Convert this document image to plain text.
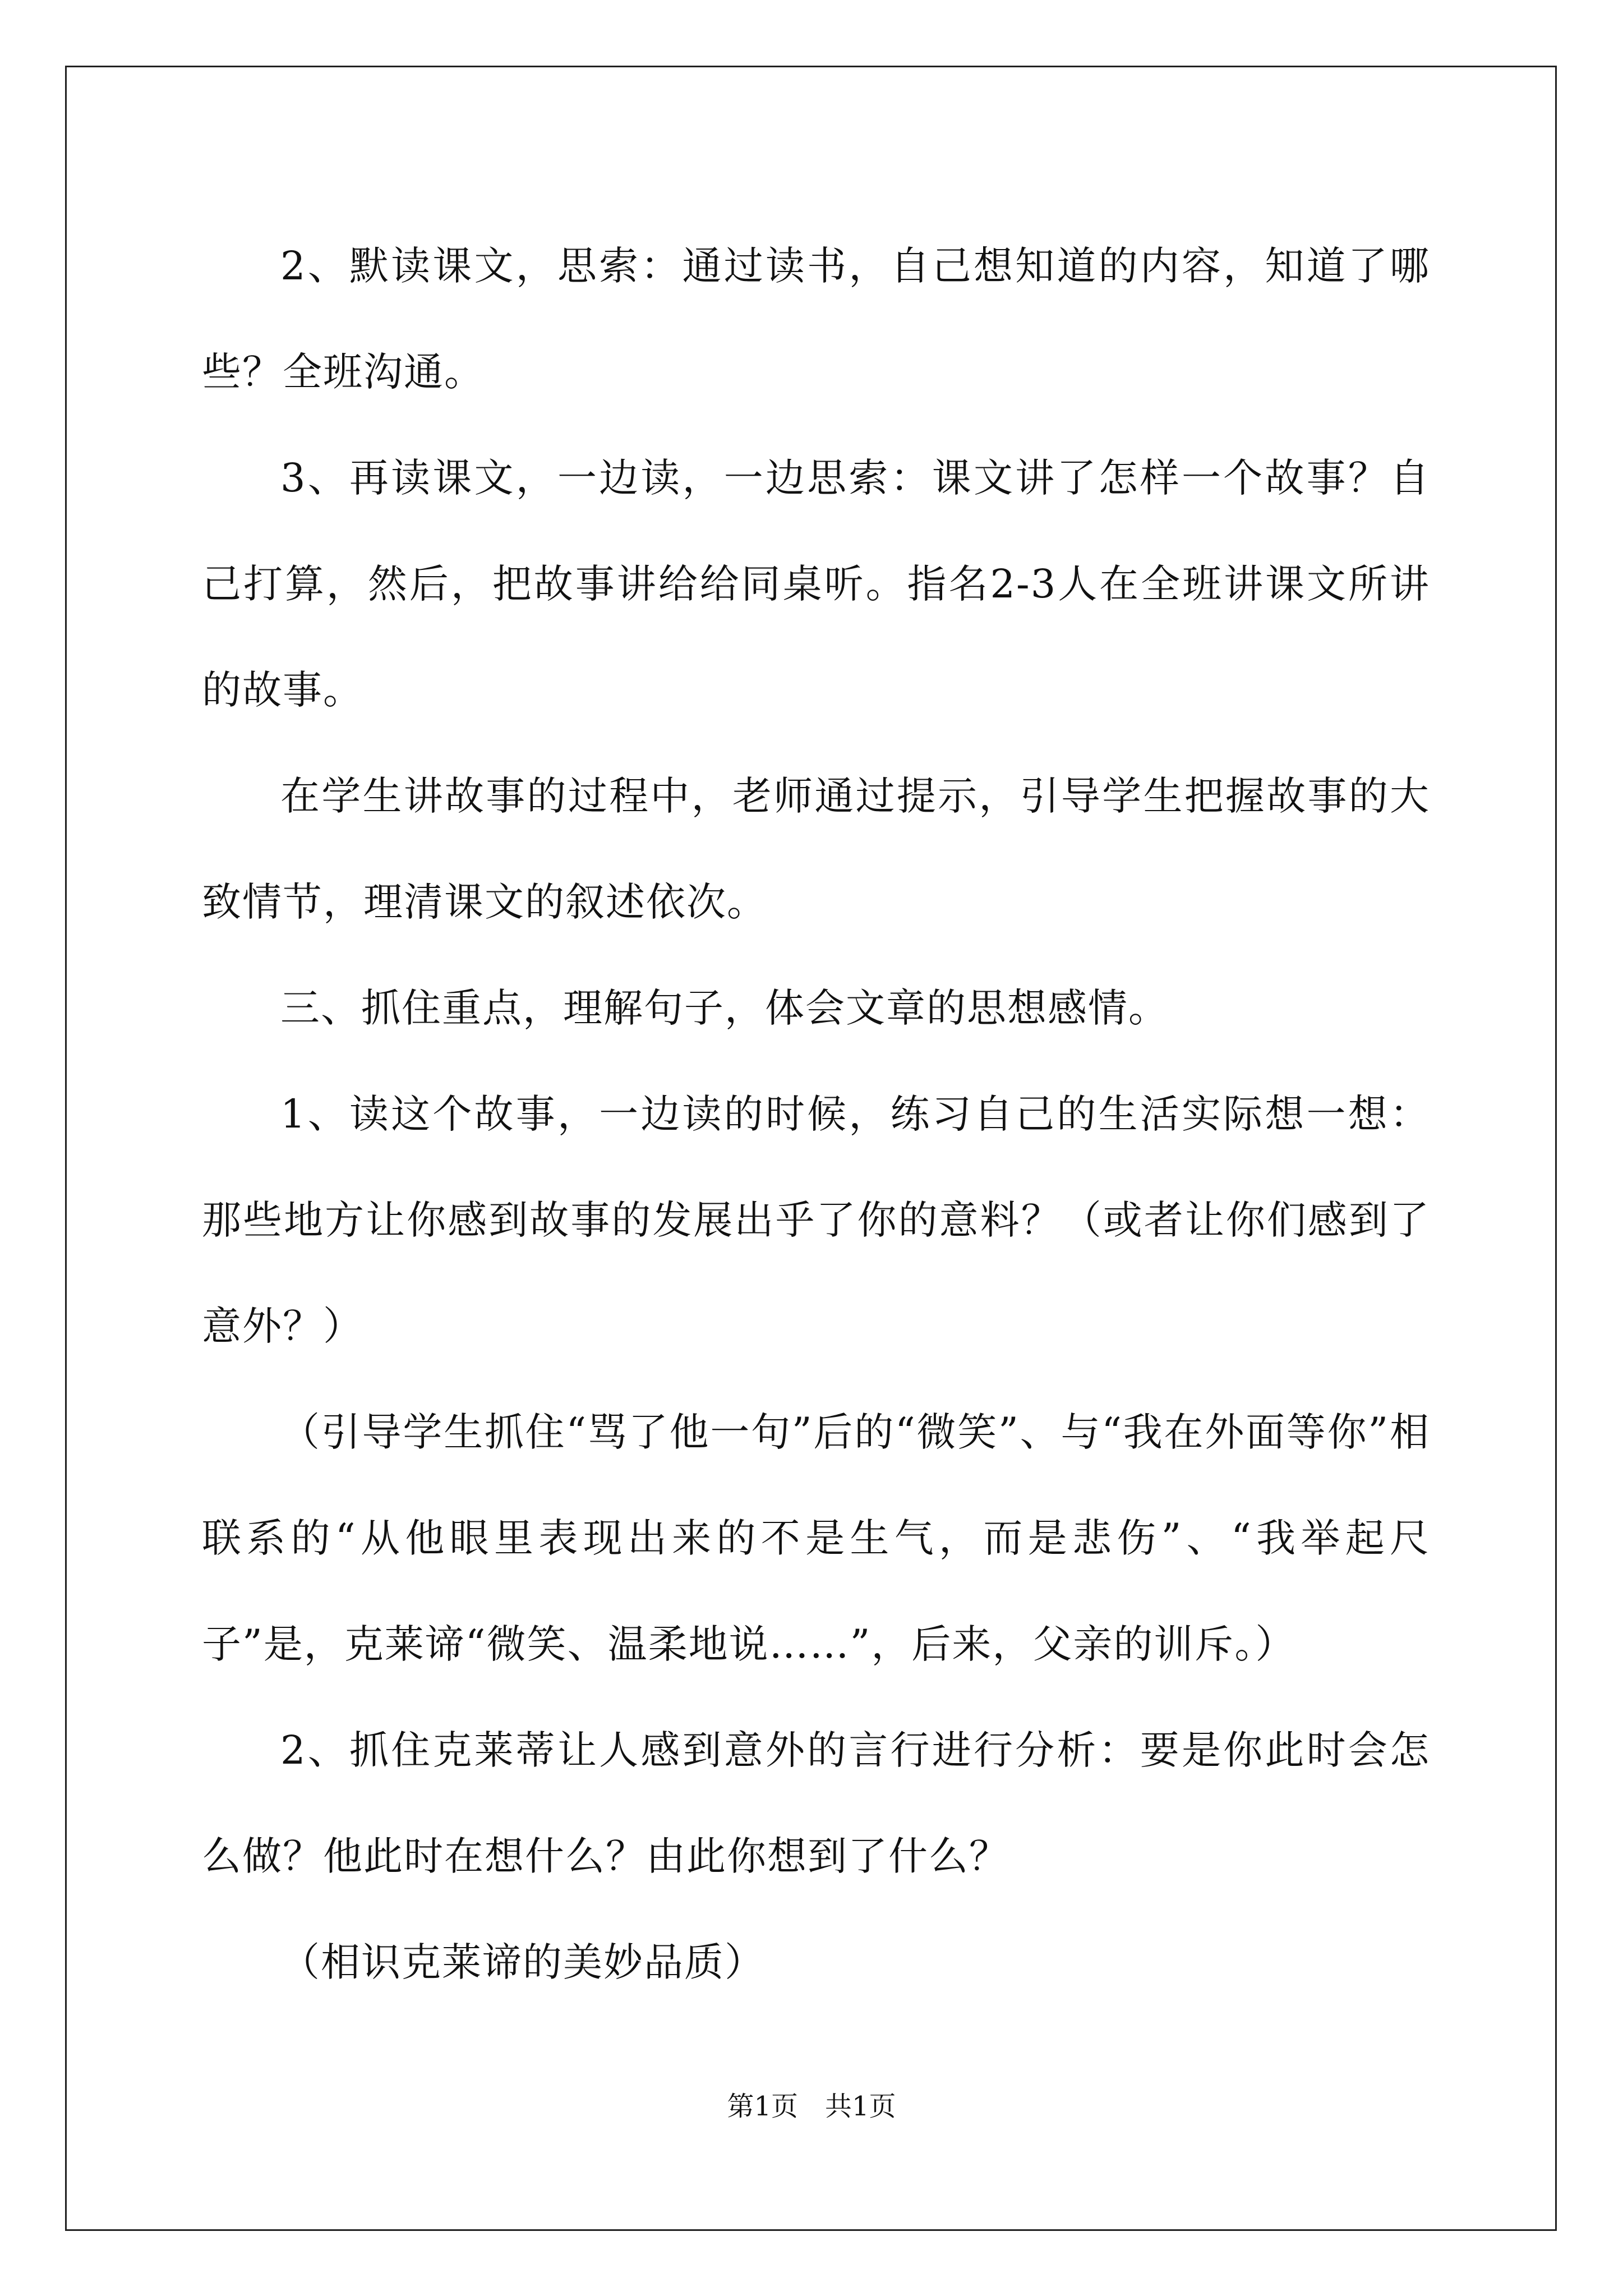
2、默读课文，思索：通过读书，自己想知道的内容，知道了哪些？全班沟通。

3、再读课文，一边读，一边思索：课文讲了怎样一个故事？自己打算，然后，把故事讲给给同桌听。指名2-3人在全班讲课文所讲的故事。

在学生讲故事的过程中，老师通过提示，引导学生把握故事的大致情节，理清课文的叙述依次。

三、抓住重点，理解句子，体会文章的思想感情。

1、读这个故事，一边读的时候，练习自己的生活实际想一想：那些地方让你感到故事的发展出乎了你的意料？（或者让你们感到了意外？）

（引导学生抓住“骂了他一句”后的“微笑”、与“我在外面等你”相联系的“从他眼里表现出来的不是生气，而是悲伤”、“我举起尺子”是，克莱谛“微笑、温柔地说……”，后来，父亲的训斥。）

2、抓住克莱蒂让人感到意外的言行进行分析：要是你此时会怎么做？他此时在想什么？由此你想到了什么？

（相识克莱谛的美妙品质）

第1页　共1页
